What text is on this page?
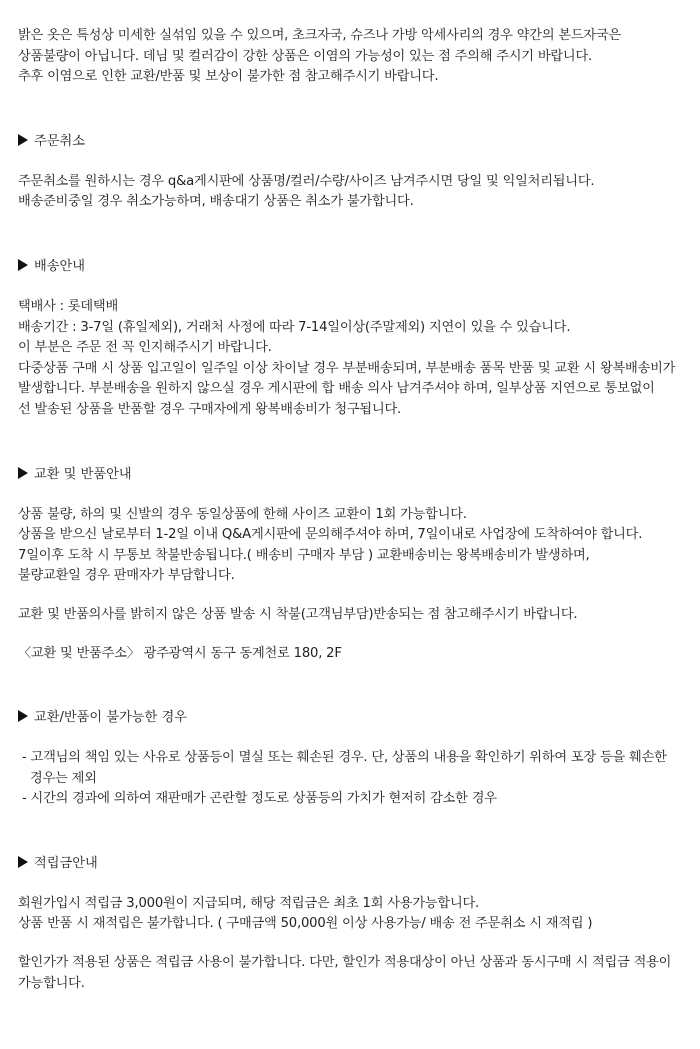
밝은 옷은 특성상 미세한 실섞임 있을 수 있으며, 초크자국, 슈즈나 가방 악세사리의 경우 약간의 본드자국은
상품불량이 아닙니다. 데님 및 컬러감이 강한 상품은 이염의 가능성이 있는 점 주의해 주시기 바랍니다.
추후 이염으로 인한 교환/반품 및 보상이 불가한 점 참고해주시기 바랍니다.
주문취소
주문취소를 원하시는 경우 q&a게시판에 상품명/컬러/수량/사이즈 남겨주시면 당일 및 익일처리됩니다.
배송준비중일 경우 취소가능하며, 배송대기 상품은 취소가 불가합니다.
배송안내
택배사 : 롯데택배
배송기간 : 3-7일 (휴일제외), 거래처 사정에 따라 7-14일이상(주말제외) 지연이 있을 수 있습니다.
이 부분은 주문 전 꼭 인지해주시기 바랍니다.
다중상품 구매 시 상품 입고일이 일주일 이상 차이날 경우 부분배송되며, 부분배송 품목 반품 및 교환 시 왕복배송비가
발생합니다. 부분배송을 원하지 않으실 경우 게시판에 합 배송 의사 남겨주셔야 하며, 일부상품 지연으로 통보없이
선 발송된 상품을 반품할 경우 구매자에게 왕복배송비가 청구됩니다.
교환 및 반품안내
상품 불량, 하의 및 신발의 경우 동일상품에 한해 사이즈 교환이 1회 가능합니다.
상품을 받으신 날로부터 1-2일 이내 Q&A게시판에 문의해주셔야 하며, 7일이내로 사업장에 도착하여야 합니다.
7일이후 도착 시 무통보 착불반송됩니다.( 배송비 구매자 부담 ) 교환배송비는 왕복배송비가 발생하며,
불량교환일 경우 판매자가 부담합니다.
교환 및 반품의사를 밝히지 않은 상품 발송 시 착불(고객님부담)반송되는 점 참고해주시기 바랍니다.
〈교환 및 반품주소〉 광주광역시 동구 동계천로 180, 2F
교환/반품이 불가능한 경우
- 고객님의 책임 있는 사유로 상품등이 멸실 또는 훼손된 경우. 단, 상품의 내용을 확인하기 위하여 포장 등을 훼손한
경우는 제외
- 시간의 경과에 의하여 재판매가 곤란할 정도로 상품등의 가치가 현저히 감소한 경우
적립금안내
회원가입시 적립금 3,000원이 지급되며, 해당 적립금은 최초 1회 사용가능합니다.
상품 반품 시 재적립은 불가합니다. ( 구매금액 50,000원 이상 사용가능/ 배송 전 주문취소 시 재적립 )
할인가가 적용된 상품은 적립금 사용이 불가합니다. 다만, 할인가 적용대상이 아닌 상품과 동시구매 시 적립금 적용이
가능합니다.
